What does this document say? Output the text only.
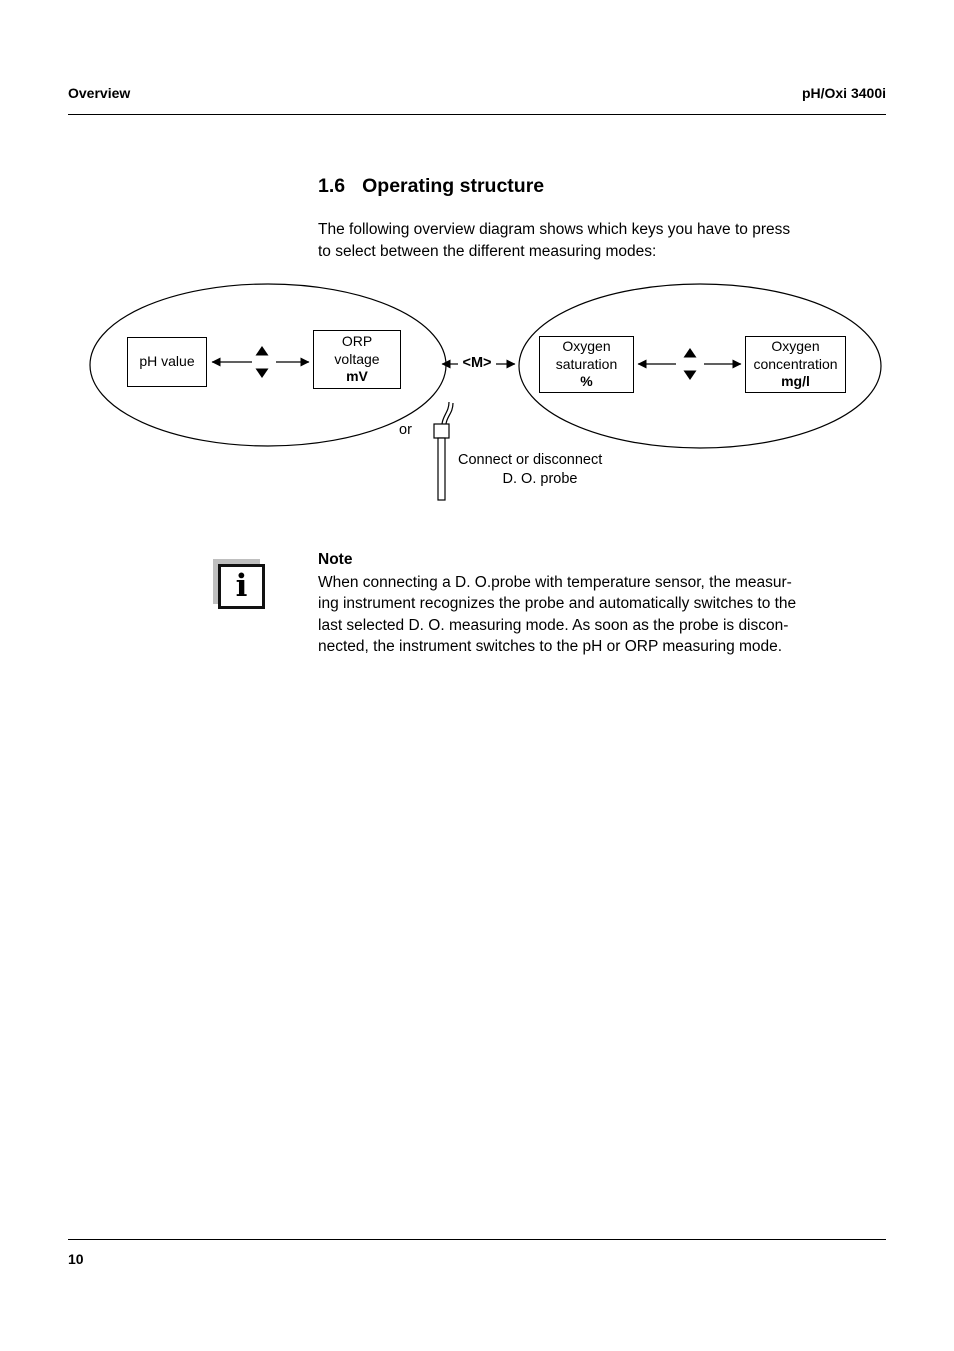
Overview	pH/Oxi 3400i
1.6 Operating structure
The following overview diagram shows which keys you have to press
to select between the different measuring modes:
pH value
ORP
voltage
mV
<M>
Oxygen
saturation
%
Oxygen
concentration
mg/l
or
Connect or disconnect
D. O. probe
i
Note
When connecting a D. O.probe with temperature sensor, the measur-
ing instrument recognizes the probe and automatically switches to the
last selected D. O. measuring mode. As soon as the probe is discon-
nected, the instrument switches to the pH or ORP measuring mode.
10
